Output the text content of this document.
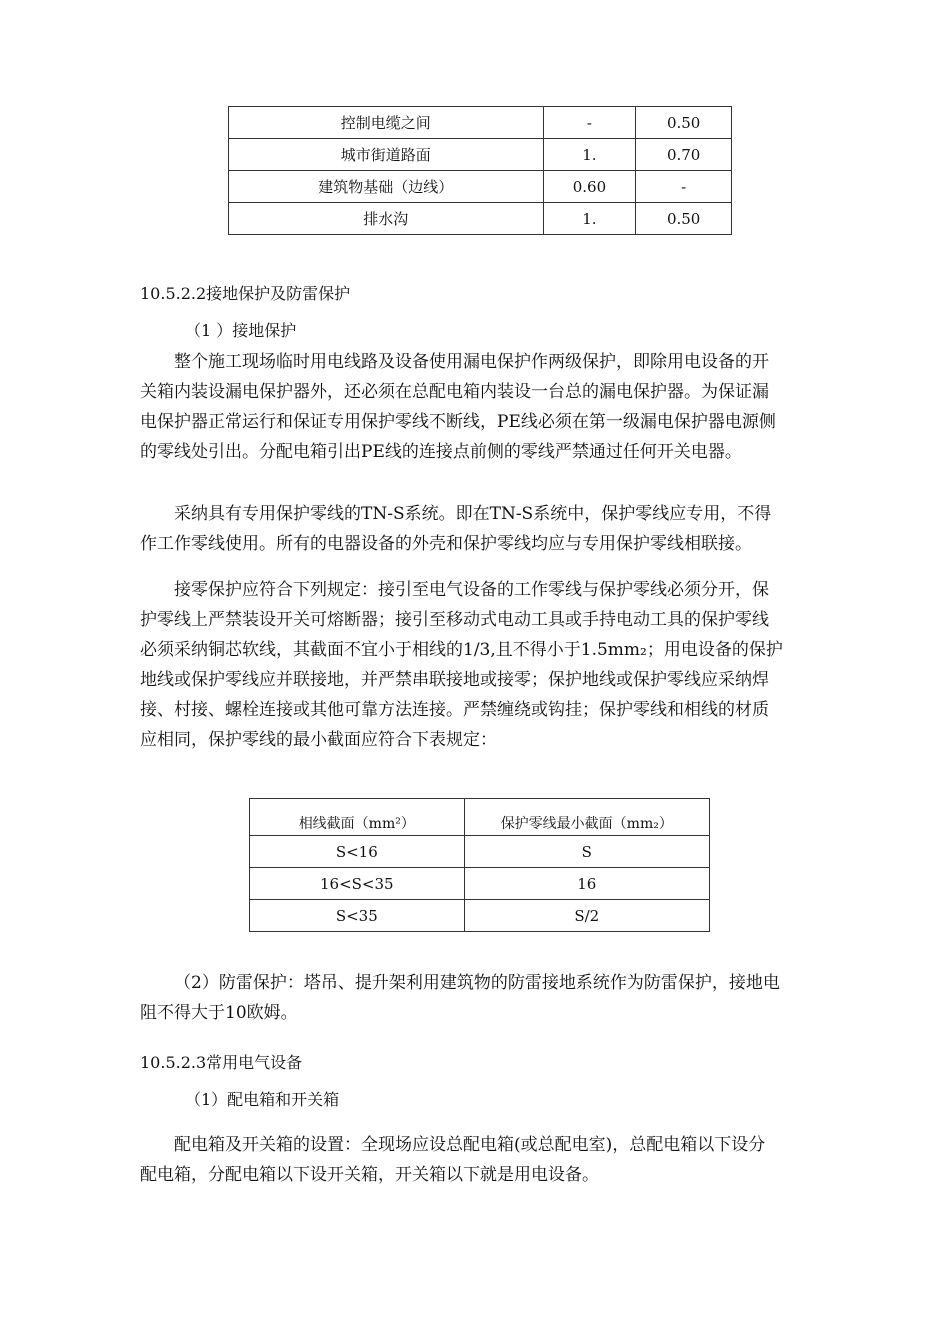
控制电缆之间	-	0.50
城市街道路面	1.	0.70
建筑物基础（边线）	0.60	-
排水沟	1.	0.50
10.5.2.2接地保护及防雷保护
（1 ）接地保护
整个施工现场临时用电线路及设备使用漏电保护作两级保护，即除用电设备的开
关箱内装设漏电保护器外，还必须在总配电箱内装设一台总的漏电保护器。为保证漏
电保护器正常运行和保证专用保护零线不断线，PE线必须在第一级漏电保护器电源侧
的零线处引出。分配电箱引出PE线的连接点前侧的零线严禁通过任何开关电器。
采纳具有专用保护零线的TN-S系统。即在TN-S系统中，保护零线应专用，不得
作工作零线使用。所有的电器设备的外壳和保护零线均应与专用保护零线相联接。
接零保护应符合下列规定：接引至电气设备的工作零线与保护零线必须分开，保
护零线上严禁装设开关可熔断器；接引至移动式电动工具或手持电动工具的保护零线
必须采纳铜芯软线，其截面不宜小于相线的1/3,且不得小于1.5mm₂；用电设备的保护
地线或保护零线应并联接地，并严禁串联接地或接零；保护地线或保护零线应采纳焊
接、村接、螺栓连接或其他可靠方法连接。严禁缠绕或钩挂；保护零线和相线的材质
应相同，保护零线的最小截面应符合下表规定：
相线截面（mm²）	保护零线最小截面（mm₂）
S<16	S
16<S<35	16
S<35	S/2
（2）防雷保护：塔吊、提升架利用建筑物的防雷接地系统作为防雷保护，接地电
阻不得大于10欧姆。
10.5.2.3常用电气设备
（1）配电箱和开关箱
配电箱及开关箱的设置：全现场应设总配电箱(或总配电室)，总配电箱以下设分
配电箱，分配电箱以下设开关箱，开关箱以下就是用电设备。
